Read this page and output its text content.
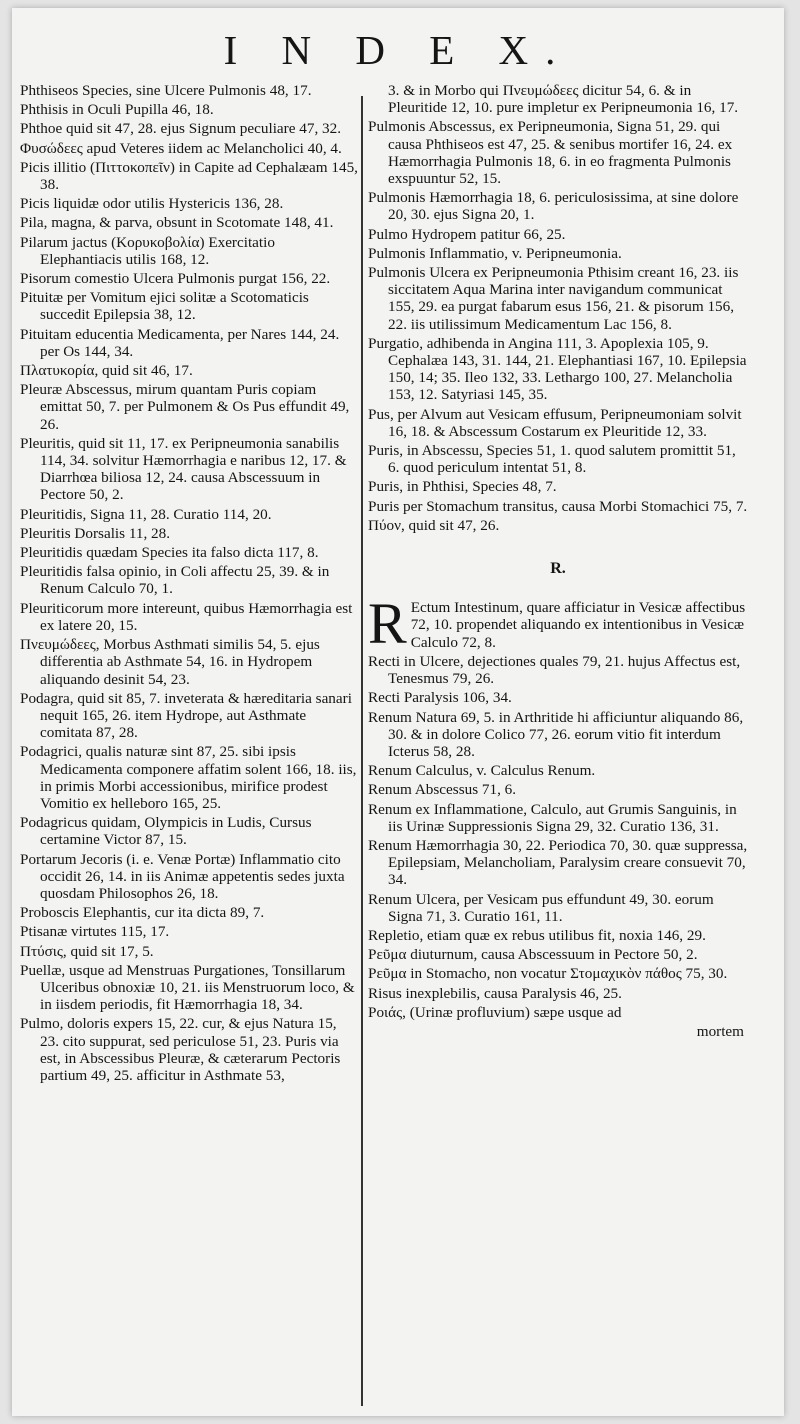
I N D E X.
Phthiseos Species, sine Ulcere Pulmonis 48, 17.
Phthisis in Oculi Pupilla 46, 18.
Phthoe quid sit 47, 28. ejus Signum peculiare 47, 32.
Φυσώδεες apud Veteres iidem ac Melancholici 40, 4.
Picis illitio (Πιττοκοπεῖν) in Capite ad Cephalæam 145, 38.
Picis liquidæ odor utilis Hystericis 136, 28.
Pila, magna, & parva, obsunt in Scotomate 148, 41.
Pilarum jactus (Κορυκοβολία) Exercitatio Elephantiacis utilis 168, 12.
Pisorum comestio Ulcera Pulmonis purgat 156, 22.
Pituitæ per Vomitum ejici solitæ a Scotomaticis succedit Epilepsia 38, 12.
Pituitam educentia Medicamenta, per Nares 144, 24. per Os 144, 34.
Πλατυκορία, quid sit 46, 17.
Pleuræ Abscessus, mirum quantam Puris copiam emittat 50, 7. per Pulmonem & Os Pus effundit 49, 26.
Pleuritis, quid sit 11, 17. ex Peripneumonia sanabilis 114, 34. solvitur Hæmorrhagia e naribus 12, 17. & Diarrhœa biliosa 12, 24. causa Abscessuum in Pectore 50, 2.
Pleuritidis, Signa 11, 28. Curatio 114, 20.
Pleuritis Dorsalis 11, 28.
Pleuritidis quædam Species ita falso dicta 117, 8.
Pleuritidis falsa opinio, in Coli affectu 25, 39. & in Renum Calculo 70, 1.
Pleuriticorum more intereunt, quibus Hæmorrhagia est ex latere 20, 15.
Πνευμώδεες, Morbus Asthmati similis 54, 5. ejus differentia ab Asthmate 54, 16. in Hydropem aliquando desinit 54, 23.
Podagra, quid sit 85, 7. inveterata & hæreditaria sanari nequit 165, 26. item Hydrope, aut Asthmate comitata 87, 28.
Podagrici, qualis naturæ sint 87, 25. sibi ipsis Medicamenta componere affatim solent 166, 18. iis, in primis Morbi accessionibus, mirifice prodest Vomitio ex helleboro 165, 25.
Podagricus quidam, Olympicis in Ludis, Cursus certamine Victor 87, 15.
Portarum Jecoris (i. e. Venæ Portæ) Inflammatio cito occidit 26, 14. in iis Animæ appetentis sedes juxta quosdam Philosophos 26, 18.
Proboscis Elephantis, cur ita dicta 89, 7.
Ptisanæ virtutes 115, 17.
Πτύσις, quid sit 17, 5.
Puellæ, usque ad Menstruas Purgationes, Tonsillarum Ulceribus obnoxiæ 10, 21. iis Menstruorum loco, & in iisdem periodis, fit Hæmorrhagia 18, 34.
Pulmo, doloris expers 15, 22. cur, & ejus Natura 15, 23. cito suppurat, sed periculose 51, 23. Puris via est, in Abscessibus Pleuræ, & cæterarum Pectoris partium 49, 25. afficitur in Asthmate 53,
3. & in Morbo qui Πνευμώδεες dicitur 54, 6. & in Pleuritide 12, 10. pure impletur ex Peripneumonia 16, 17.
Pulmonis Abscessus, ex Peripneumonia, Signa 51, 29. qui causa Phthiseos est 47, 25. & senibus mortifer 16, 24. ex Hæmorrhagia Pulmonis 18, 6. in eo fragmenta Pulmonis exspuuntur 52, 15.
Pulmonis Hæmorrhagia 18, 6. periculosissima, at sine dolore 20, 30. ejus Signa 20, 1.
Pulmo Hydropem patitur 66, 25.
Pulmonis Inflammatio, v. Peripneumonia.
Pulmonis Ulcera ex Peripneumonia Pthisim creant 16, 23. iis siccitatem Aqua Marina inter navigandum communicat 155, 29. ea purgat fabarum esus 156, 21. & pisorum 156, 22. iis utilissimum Medicamentum Lac 156, 8.
Purgatio, adhibenda in Angina 111, 3. Apoplexia 105, 9. Cephalæa 143, 31. 144, 21. Elephantiasi 167, 10. Epilepsia 150, 14; 35. Ileo 132, 33. Lethargo 100, 27. Melancholia 153, 12. Satyriasi 145, 35.
Pus, per Alvum aut Vesicam effusum, Peripneumoniam solvit 16, 18. & Abscessum Costarum ex Pleuritide 12, 33.
Puris, in Abscessu, Species 51, 1. quod salutem promittit 51, 6. quod periculum intentat 51, 8.
Puris, in Phthisi, Species 48, 7.
Puris per Stomachum transitus, causa Morbi Stomachici 75, 7.
Πύον, quid sit 47, 26.
R.
R Ectum Intestinum, quare afficiatur in Vesicæ affectibus 72, 10. propendet aliquando ex intentionibus in Vesicæ Calculo 72, 8.
Recti in Ulcere, dejectiones quales 79, 21. hujus Affectus est, Tenesmus 79, 26.
Recti Paralysis 106, 34.
Renum Natura 69, 5. in Arthritide hi afficiuntur aliquando 86, 30. & in dolore Colico 77, 26. eorum vitio fit interdum Icterus 58, 28.
Renum Calculus, v. Calculus Renum.
Renum Abscessus 71, 6.
Renum ex Inflammatione, Calculo, aut Grumis Sanguinis, in iis Urinæ Suppressionis Signa 29, 32. Curatio 136, 31.
Renum Hæmorrhagia 30, 22. Periodica 70, 30. quæ suppressa, Epilepsiam, Melancholiam, Paralysim creare consuevit 70, 34.
Renum Ulcera, per Vesicam pus effundunt 49, 30. eorum Signa 71, 3. Curatio 161, 11.
Repletio, etiam quæ ex rebus utilibus fit, noxia 146, 29.
Ρεῦμα diuturnum, causa Abscessuum in Pectore 50, 2.
Ρεῦμα in Stomacho, non vocatur Στομαχικὸν πάθος 75, 30.
Risus inexplebilis, causa Paralysis 46, 25.
Ροιάς, (Urinæ profluvium) sæpe usque ad
mortem
